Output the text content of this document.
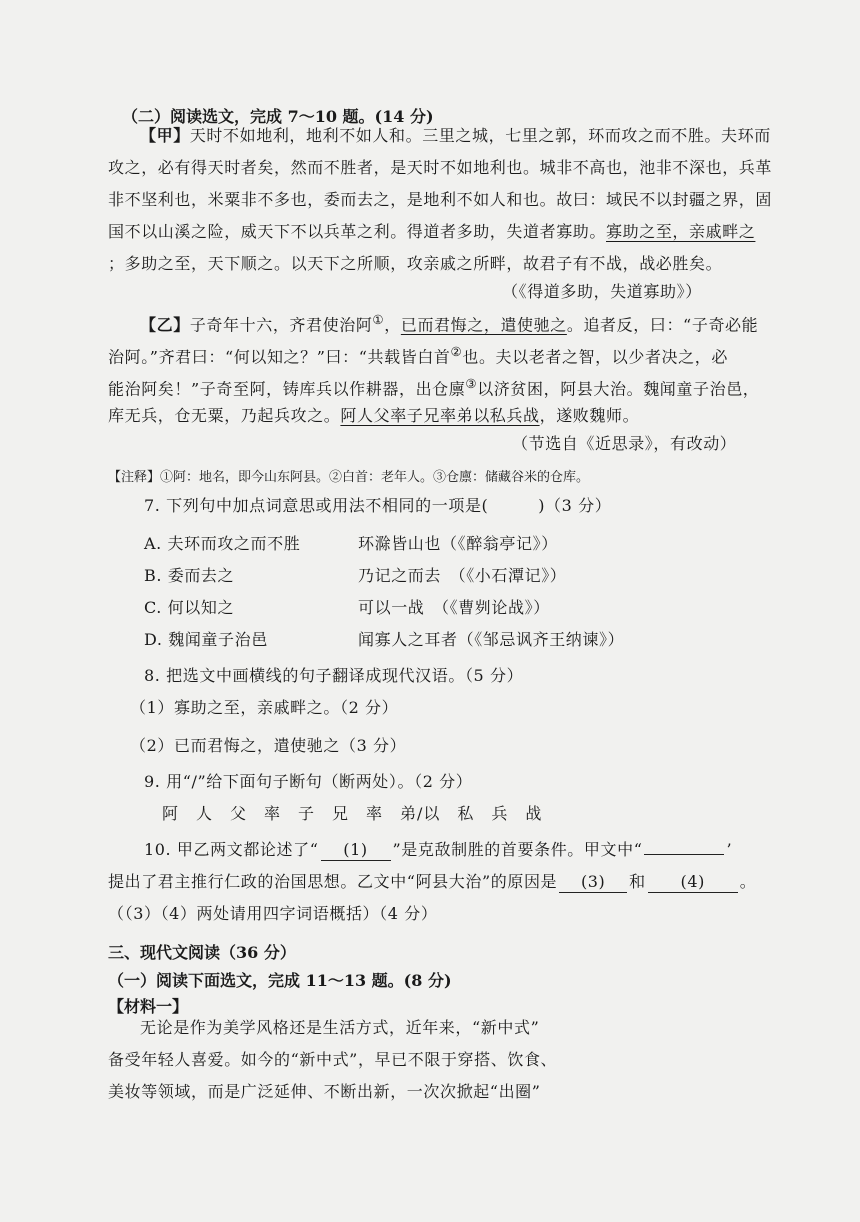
（二）阅读选文，完成 7～10 题。(14 分)
【甲】天时不如地利，地利不如人和。三里之城，七里之郭，环而攻之而不胜。夫环而
攻之，必有得天时者矣，然而不胜者，是天时不如地利也。城非不高也，池非不深也，兵革
非不坚利也，米粟非不多也，委而去之，是地利不如人和也。故曰：域民不以封疆之界，固
国不以山溪之险，威天下不以兵革之利。得道者多助，失道者寡助。寡助之至，亲戚畔之
；多助之至，天下顺之。以天下之所顺，攻亲戚之所畔，故君子有不战，战必胜矣。
（《得道多助，失道寡助》）
【乙】子奇年十六，齐君使治阿①，已而君悔之，遣使驰之。追者反，曰：“子奇必能
治阿。”齐君曰：“何以知之？”曰：“共载皆白首②也。夫以老者之智，以少者决之，必
能治阿矣！”子奇至阿，铸库兵以作耕器，出仓廪③以济贫困，阿县大治。魏闻童子治邑，
库无兵，仓无粟，乃起兵攻之。阿人父率子兄率弟以私兵战，遂败魏师。
（节选自《近思录》，有改动）
【注释】①阿：地名，即今山东阿县。②白首：老年人。③仓廪：储藏谷米的仓库。
7. 下列句中加点词意思或用法不相同的一项是(　　　)（3 分）
A. 夫环而攻之而不胜	环滁皆山也（《醉翁亭记》）
B. 委而去之	乃记之而去　（《小石潭记》）
C. 何以知之	可以一战　（《曹刿论战》）
D. 魏闻童子治邑	闻寡人之耳者（《邹忌讽齐王纳谏》）
8. 把选文中画横线的句子翻译成现代汉语。（5 分）
（1）寡助之至，亲戚畔之。（2 分）
（2）已而君悔之，遣使驰之（3 分）
9. 用“/”给下面句子断句（断两处）。（2 分）
阿　人　父　率　子　兄　率　弟/以　私　兵　战
10. 甲乙两文都论述了“ (1) ”是克敌制胜的首要条件。甲文中“	’
提出了君主推行仁政的治国思想。乙文中“阿县大治”的原因是 (3) 和 (4) 。
（（3）（4）两处请用四字词语概括）（4 分）
三、现代文阅读（36 分）
（一）阅读下面选文，完成 11～13 题。(8 分)
【材料一】
无论是作为美学风格还是生活方式，近年来，“新中式”
备受年轻人喜爱。如今的“新中式”，早已不限于穿搭、饮食、
美妆等领域，而是广泛延伸、不断出新，一次次掀起“出圈”
